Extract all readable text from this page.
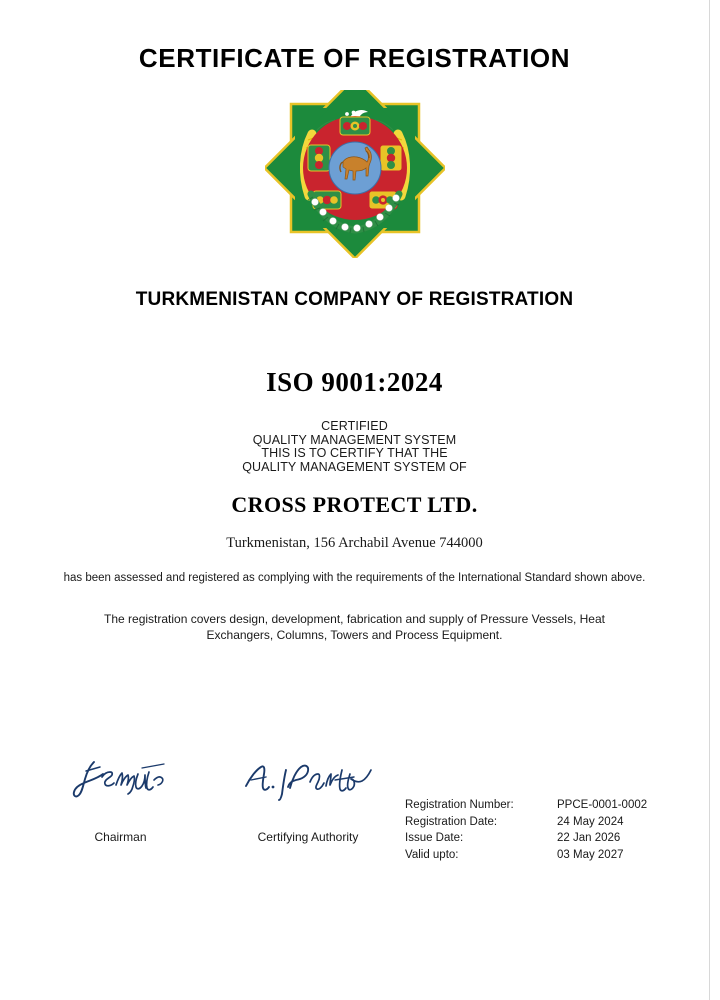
CERTIFICATE OF REGISTRATION
TURKMENISTAN COMPANY OF REGISTRATION
ISO 9001:2024
CERTIFIED
QUALITY MANAGEMENT SYSTEM
THIS IS TO CERTIFY THAT THE
QUALITY MANAGEMENT SYSTEM OF
CROSS PROTECT LTD.
Turkmenistan, 156 Archabil Avenue 744000
has been assessed and registered as complying with the requirements of the International Standard shown above.
The registration covers design, development, fabrication and supply of Pressure Vessels, Heat Exchangers, Columns, Towers and Process Equipment.
Chairman	Certifying Authority
Registration Number:	PPCE-0001-0002
Registration Date:	24 May 2024
Issue Date:	22 Jan 2026
Valid upto:	03 May 2027
